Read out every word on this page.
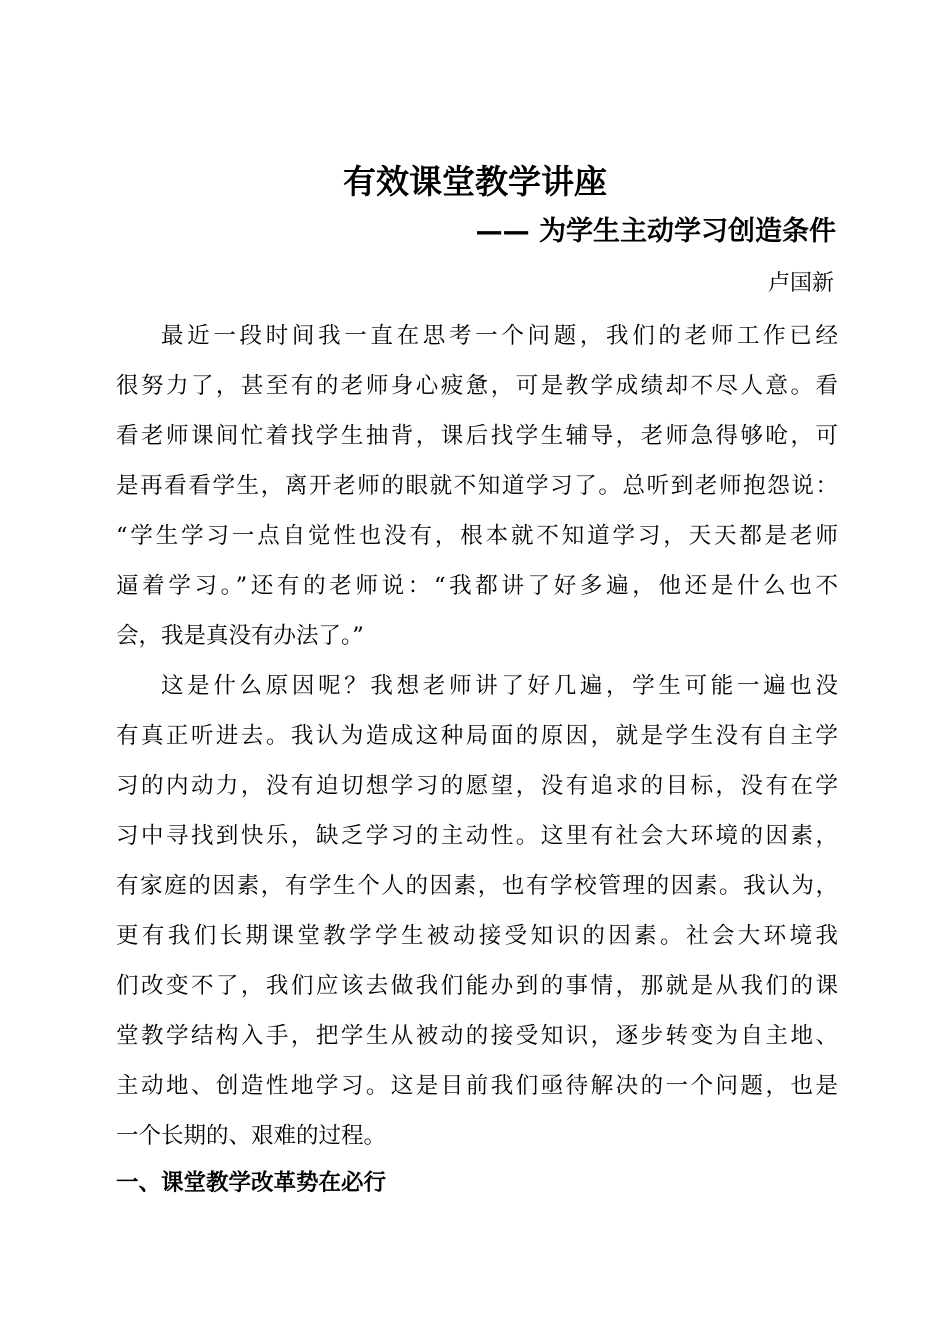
有效课堂教学讲座
—— 为学生主动学习创造条件
卢国新

最近一段时间我一直在思考一个问题，我们的老师工作已经
很努力了，甚至有的老师身心疲惫，可是教学成绩却不尽人意。看
看老师课间忙着找学生抽背，课后找学生辅导，老师急得够呛，可
是再看看学生，离开老师的眼就不知道学习了。总听到老师抱怨说：
“学生学习一点自觉性也没有，根本就不知道学习，天天都是老师
逼着学习。”还有的老师说：“我都讲了好多遍，他还是什么也不
会，我是真没有办法了。”

这是什么原因呢？我想老师讲了好几遍，学生可能一遍也没
有真正听进去。我认为造成这种局面的原因，就是学生没有自主学
习的内动力，没有迫切想学习的愿望，没有追求的目标，没有在学
习中寻找到快乐，缺乏学习的主动性。这里有社会大环境的因素，
有家庭的因素，有学生个人的因素，也有学校管理的因素。我认为，
更有我们长期课堂教学学生被动接受知识的因素。社会大环境我
们改变不了，我们应该去做我们能办到的事情，那就是从我们的课
堂教学结构入手，把学生从被动的接受知识，逐步转变为自主地、
主动地、创造性地学习。这是目前我们亟待解决的一个问题，也是
一个长期的、艰难的过程。

一、课堂教学改革势在必行
